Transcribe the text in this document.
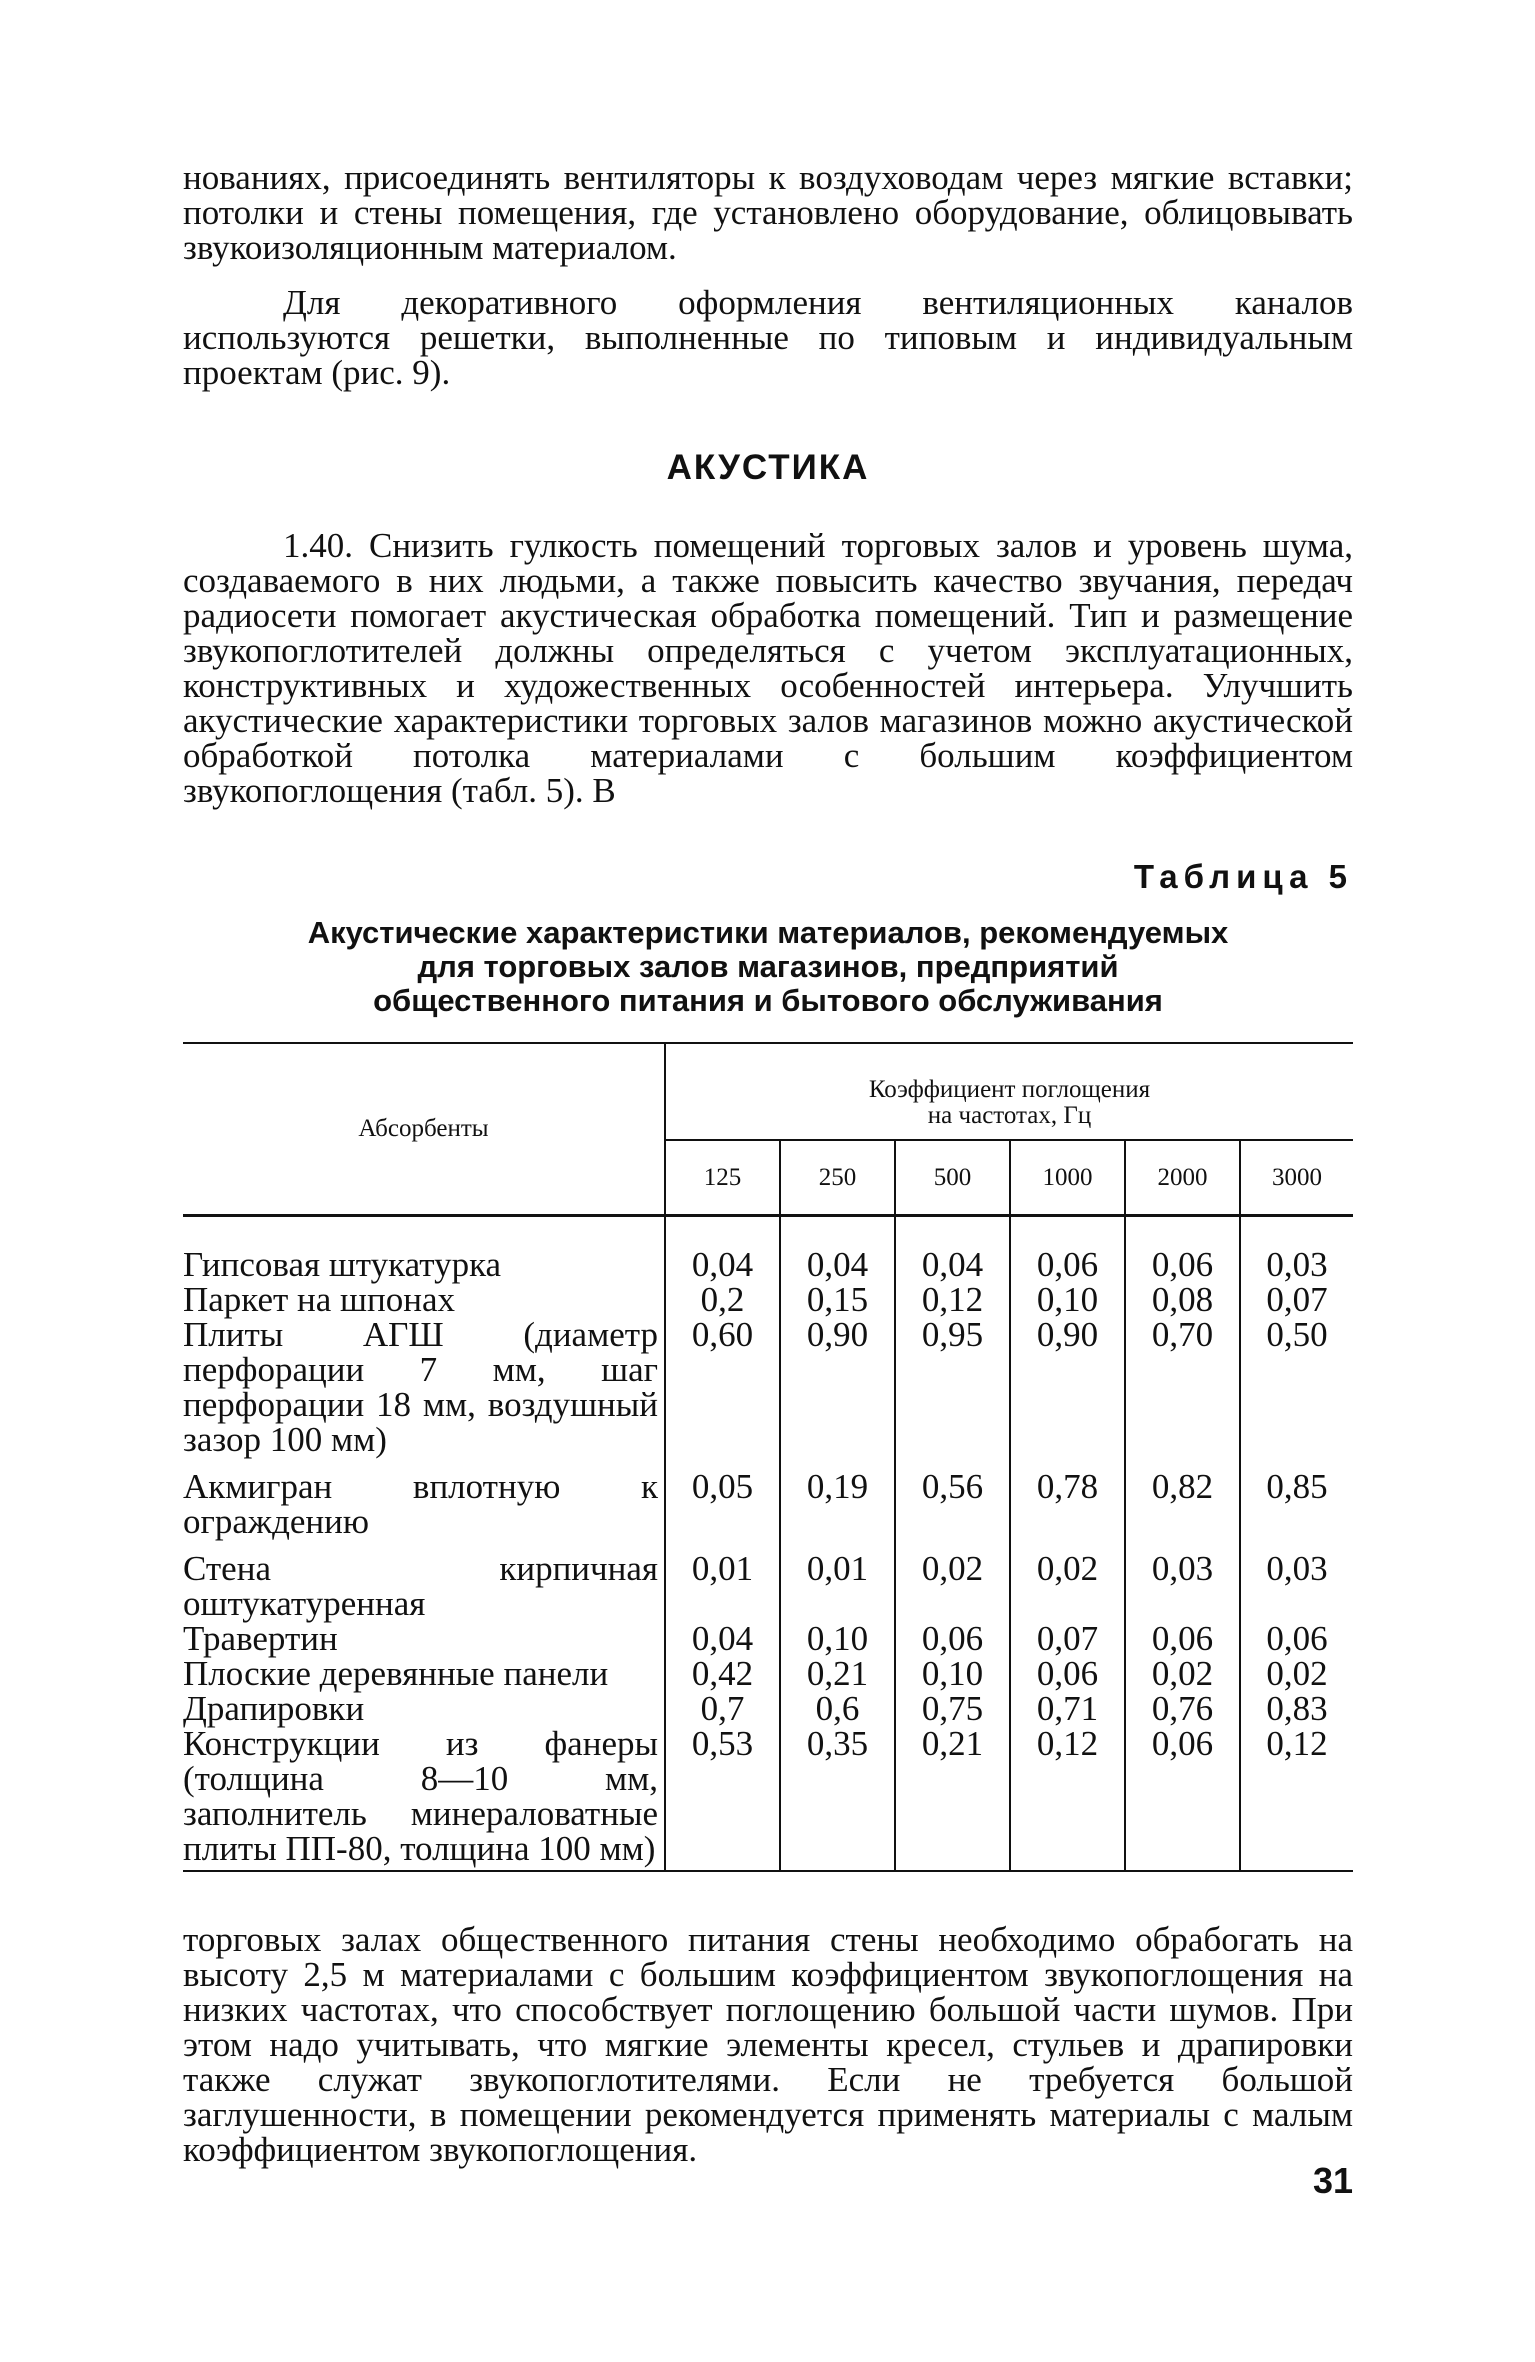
нованиях, присоединять вентиляторы к воздуховодам через мягкие вставки; потолки и стены помещения, где установлено оборудование, облицовывать звукоизоляционным материалом.

Для декоративного оформления вентиляционных каналов используются решетки, выполненные по типовым и индивидуальным проектам (рис. 9).

АКУСТИКА

1.40. Снизить гулкость помещений торговых залов и уровень шума, создаваемого в них людьми, а также повысить качество звучания, передач радиосети помогает акустическая обработка помещений. Тип и размещение звукопоглотителей должны определяться с учетом эксплуатационных, конструктивных и художественных особенностей интерьера. Улучшить акустические характеристики торговых залов магазинов можно акустической обработкой потолка материалами с большим коэффициентом звукопоглощения (табл. 5). В

Таблица 5
Акустические характеристики материалов, рекомендуемых
для торговых залов магазинов, предприятий
общественного питания и бытового обслуживания
Абсорбенты	Коэффициент поглощения
на частотах, Гц					

	125	250	500	1000	2000	3000

Гипсовая штукатурка	0,04	0,04	0,04	0,06	0,06	0,03
Паркет на шпонах	0,2	0,15	0,12	0,10	0,08	0,07
Плиты АГШ (диаметр перфорации 7 мм, шаг перфорации 18 мм, воздушный зазор 100 мм)	0,60	0,90	0,95	0,90	0,70	0,50
Акмигран вплотную к ограждению	0,05	0,19	0,56	0,78	0,82	0,85
Стена кирпичная оштукатуренная	0,01	0,01	0,02	0,02	0,03	0,03
Травертин	0,04	0,10	0,06	0,07	0,06	0,06
Плоские деревянные панели	0,42	0,21	0,10	0,06	0,02	0,02
Драпировки	0,7	0,6	0,75	0,71	0,76	0,83
Конструкции из фанеры (толщина 8—10 мм, заполнитель минераловатные плиты ПП-80, толщина 100 мм)	0,53	0,35	0,21	0,12	0,06	0,12

торговых залах общественного питания стены необходимо обрабогать на высоту 2,5 м материалами с большим коэффициентом звукопоглощения на низких частотах, что способствует поглощению большой части шумов. При этом надо учитывать, что мягкие элементы кресел, стульев и драпировки также служат звукопоглотителями. Если не требуется большой заглушенности, в помещении рекомендуется применять материалы с малым коэффициентом звукопоглощения.

31
